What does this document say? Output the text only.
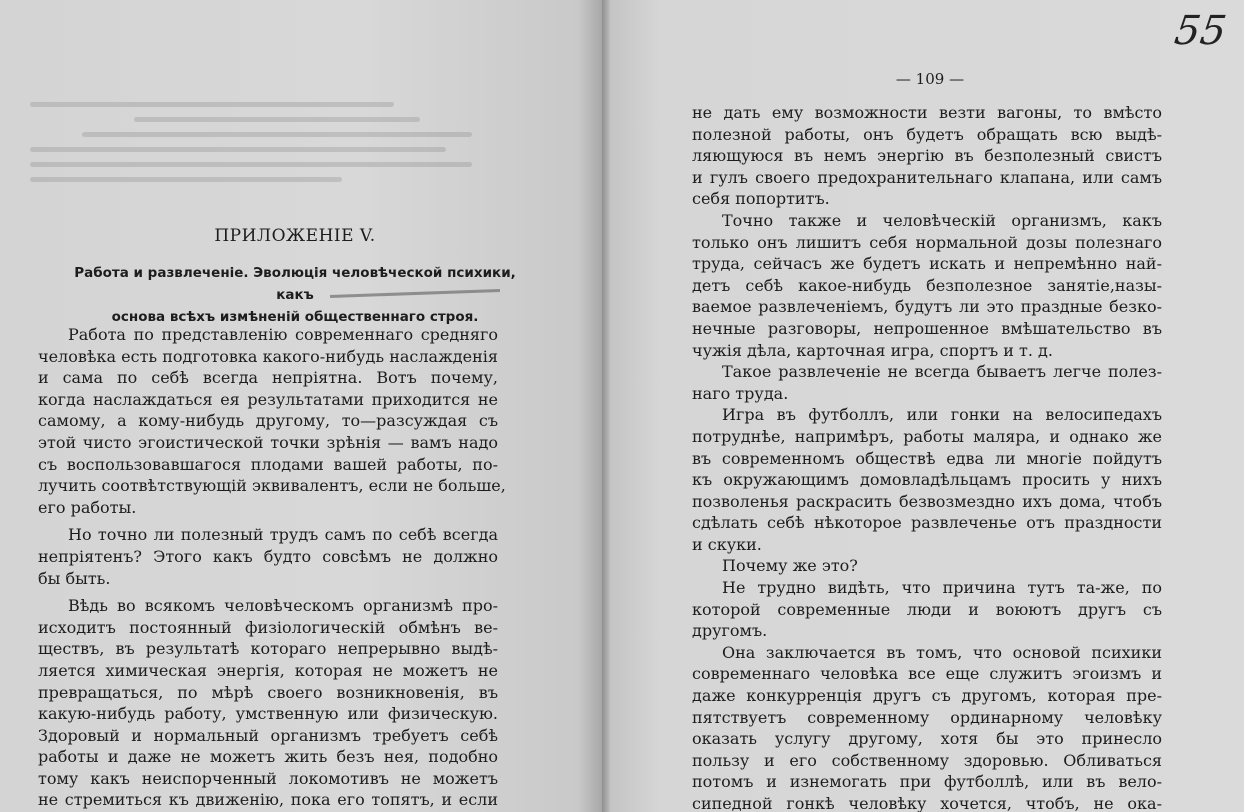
ПРИЛОЖЕНІЕ V.
Работа и развлеченіе. Эволюція человѣческой психики, какъ
основа всѣхъ измѣненій общественнаго строя.
Работа по представленію современнаго средняго
человѣка есть подготовка какого-нибудь наслажденія
и сама по себѣ всегда непріятна. Вотъ почему,
когда наслаждаться ея результатами приходится не
самому, а кому-нибудь другому, то—разсуждая съ
этой чисто эгоистической точки зрѣнія — вамъ надо
съ воспользовавшагося плодами вашей работы, по-
лучить соотвѣтствующій эквивалентъ, если не больше,
его работы.
Но точно ли полезный трудъ самъ по себѣ всегда
непріятенъ? Этого какъ будто совсѣмъ не должно
бы быть.
Вѣдь во всякомъ человѣческомъ организмѣ про-
исходитъ постоянный физіологическій обмѣнъ ве-
ществъ, въ результатѣ котораго непрерывно выдѣ-
ляется химическая энергія, которая не можетъ не
превращаться, по мѣрѣ своего возникновенія, въ
какую-нибудь работу, умственную или физическую.
Здоровый и нормальный организмъ требуетъ себѣ
работы и даже не можетъ жить безъ нея, подобно
тому какъ неиспорченный локомотивъ не можетъ
не стремиться къ движенію, пока его топятъ, и если
— 109 —
не дать ему возможности везти вагоны, то вмѣсто
полезной работы, онъ будетъ обращать всю выдѣ-
ляющуюся въ немъ энергію въ безполезный свистъ
и гулъ своего предохранительнаго клапана, или самъ
себя попортитъ.
Точно также и человѣческій организмъ, какъ
только онъ лишитъ себя нормальной дозы полезнаго
труда, сейчасъ же будетъ искать и непремѣнно най-
детъ себѣ какое-нибудь безполезное занятіе,назы-
ваемое развлеченіемъ, будутъ ли это праздные безко-
нечные разговоры, непрошенное вмѣшательство въ
чужія дѣла, карточная игра, спортъ и т. д.
Такое развлеченіе не всегда бываетъ легче полез-
наго труда.
Игра въ футболлъ, или гонки на велосипедахъ
потруднѣе, напримѣръ, работы маляра, и однако же
въ современномъ обществѣ едва ли многіе пойдутъ
къ окружающимъ домовладѣльцамъ просить у нихъ
позволенья раскрасить безвозмездно ихъ дома, чтобъ
сдѣлать себѣ нѣкоторое развлеченье отъ праздности
и скуки.
Почему же это?
Не трудно видѣть, что причина тутъ та-же, по
которой современные люди и воюютъ другъ съ
другомъ.
Она заключается въ томъ, что основой психики
современнаго человѣка все еще служитъ эгоизмъ и
даже конкурренція другъ съ другомъ, которая пре-
пятствуетъ современному ординарному человѣку
оказать услугу другому, хотя бы это принесло
пользу и его собственному здоровью. Обливаться
потомъ и изнемогать при футболлѣ, или въ вело-
сипедной гонкѣ человѣку хочется, чтобъ, не ока-
55
